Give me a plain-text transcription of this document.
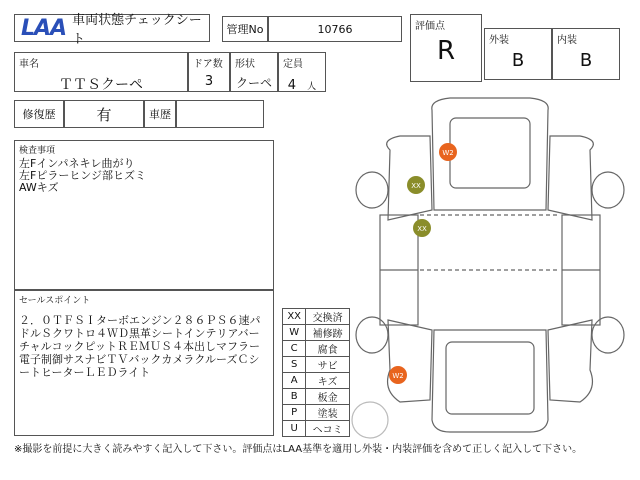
LAA 車両状態チェックシート
管理No	10766	評価点
R	外装
B
内装
B
車名
ＴＴＳクーペ
ドア数
3
形状
クーペ
定員
4 人
修復歴	有	車歴
検査事項
左Fインパネキレ曲がり
左Fピラーヒンジ部ヒズミ
AWキズ
セールスポイント
２．０ＴＦＳＩターボエンジン２８６ＰＳ６速パドルＳクワトロ４ＷＤ黒革シートインテリアバーチャルコックピットＲＥＭＵＳ４本出しマフラー電子制御サスナビＴＶバックカメラクルーズＣシートヒーターＬＥＤライト
XX	交換済
W	補修跡
C	腐食
S	サビ
A	キズ
B	板金
P	塗装
U	ヘコミ
W2
XX
XX
W2
※撮影を前提に大きく読みやすく記入して下さい。評価点はLAA基準を適用し外装・内装評価を含めて正しく記入して下さい。
